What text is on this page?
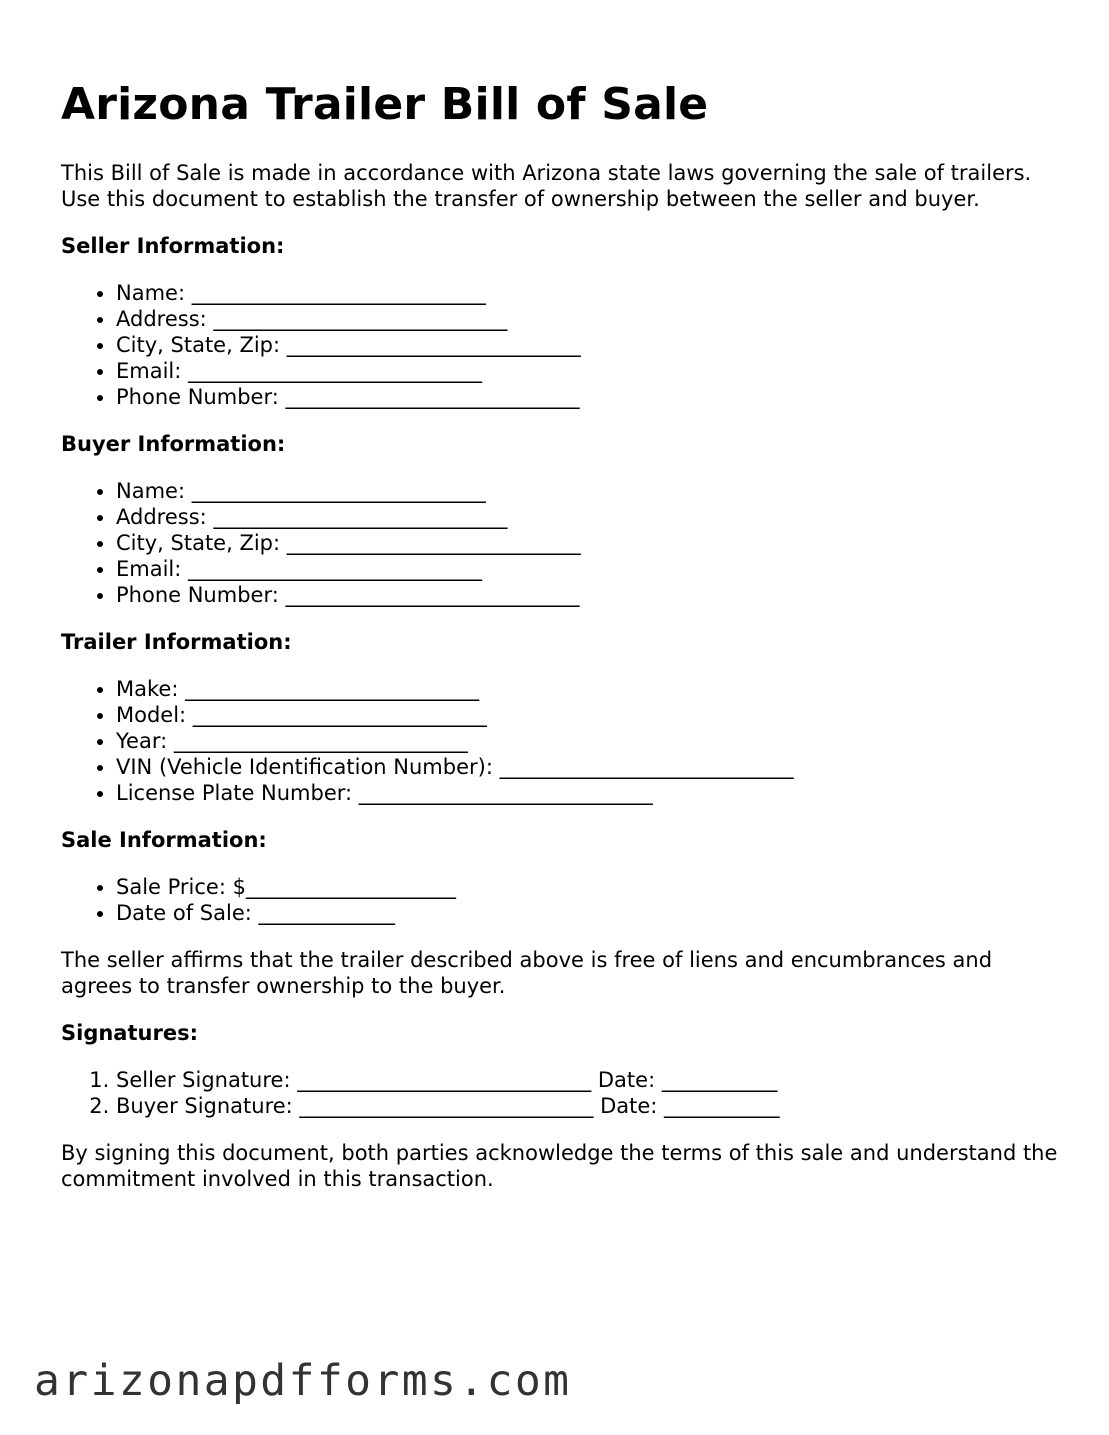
Arizona Trailer Bill of Sale

This Bill of Sale is made in accordance with Arizona state laws governing the sale of trailers. Use this document to establish the transfer of ownership between the seller and buyer.

Seller Information:
• Name: ____________________________
• Address: ____________________________
• City, State, Zip: ____________________________
• Email: ____________________________
• Phone Number: ____________________________
Buyer Information:
• Name: ____________________________
• Address: ____________________________
• City, State, Zip: ____________________________
• Email: ____________________________
• Phone Number: ____________________________
Trailer Information:
• Make: ____________________________
• Model: ____________________________
• Year: ____________________________
• VIN (Vehicle Identification Number): ____________________________
• License Plate Number: ____________________________
Sale Information:
• Sale Price: $____________________
• Date of Sale: _____________

The seller affirms that the trailer described above is free of liens and encumbrances and agrees to transfer ownership to the buyer.

Signatures:
1. Seller Signature: ____________________________ Date: ___________
2. Buyer Signature: ____________________________ Date: ___________

By signing this document, both parties acknowledge the terms of this sale and understand the commitment involved in this transaction.

arizonapdfforms.com
